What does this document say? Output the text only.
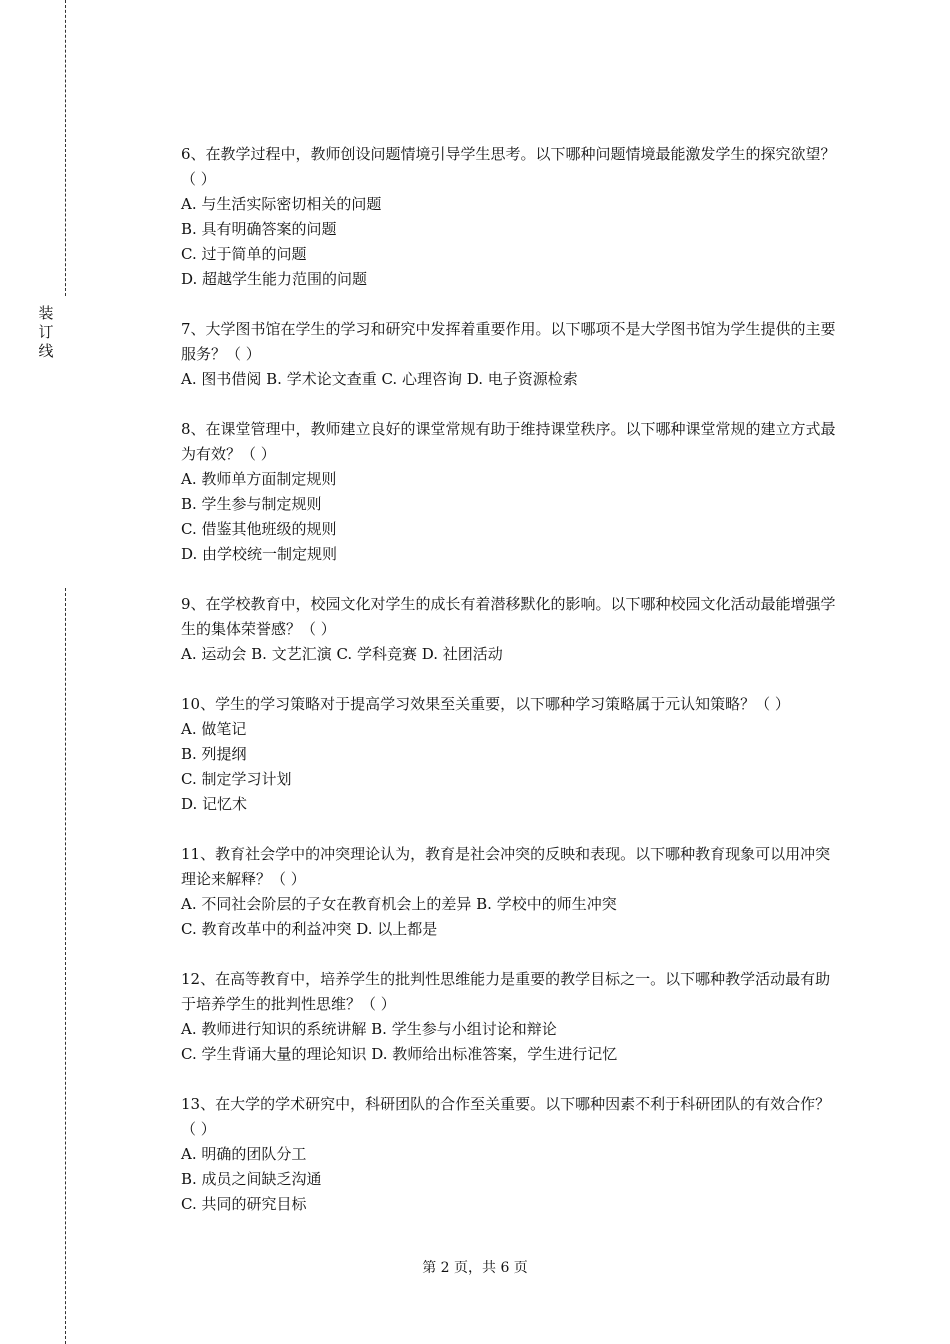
装
订
线

6、在教学过程中，教师创设问题情境引导学生思考。以下哪种问题情境最能激发学生的探究欲望？（ ）

A. 与生活实际密切相关的问题

B. 具有明确答案的问题

C. 过于简单的问题

D. 超越学生能力范围的问题

7、大学图书馆在学生的学习和研究中发挥着重要作用。以下哪项不是大学图书馆为学生提供的主要服务？（ ）

A. 图书借阅 B. 学术论文查重 C. 心理咨询 D. 电子资源检索

8、在课堂管理中，教师建立良好的课堂常规有助于维持课堂秩序。以下哪种课堂常规的建立方式最为有效？（ ）

A. 教师单方面制定规则

B. 学生参与制定规则

C. 借鉴其他班级的规则

D. 由学校统一制定规则

9、在学校教育中，校园文化对学生的成长有着潜移默化的影响。以下哪种校园文化活动最能增强学生的集体荣誉感？（ ）

A. 运动会 B. 文艺汇演 C. 学科竞赛 D. 社团活动

10、学生的学习策略对于提高学习效果至关重要，以下哪种学习策略属于元认知策略？（ ）

A. 做笔记

B. 列提纲

C. 制定学习计划

D. 记忆术

11、教育社会学中的冲突理论认为，教育是社会冲突的反映和表现。以下哪种教育现象可以用冲突理论来解释？（ ）

A. 不同社会阶层的子女在教育机会上的差异 B. 学校中的师生冲突

C. 教育改革中的利益冲突 D. 以上都是

12、在高等教育中，培养学生的批判性思维能力是重要的教学目标之一。以下哪种教学活动最有助于培养学生的批判性思维？（ ）

A. 教师进行知识的系统讲解 B. 学生参与小组讨论和辩论

C. 学生背诵大量的理论知识 D. 教师给出标准答案，学生进行记忆

13、在大学的学术研究中，科研团队的合作至关重要。以下哪种因素不利于科研团队的有效合作？（ ）

A. 明确的团队分工

B. 成员之间缺乏沟通

C. 共同的研究目标

第 2 页，共 6 页
